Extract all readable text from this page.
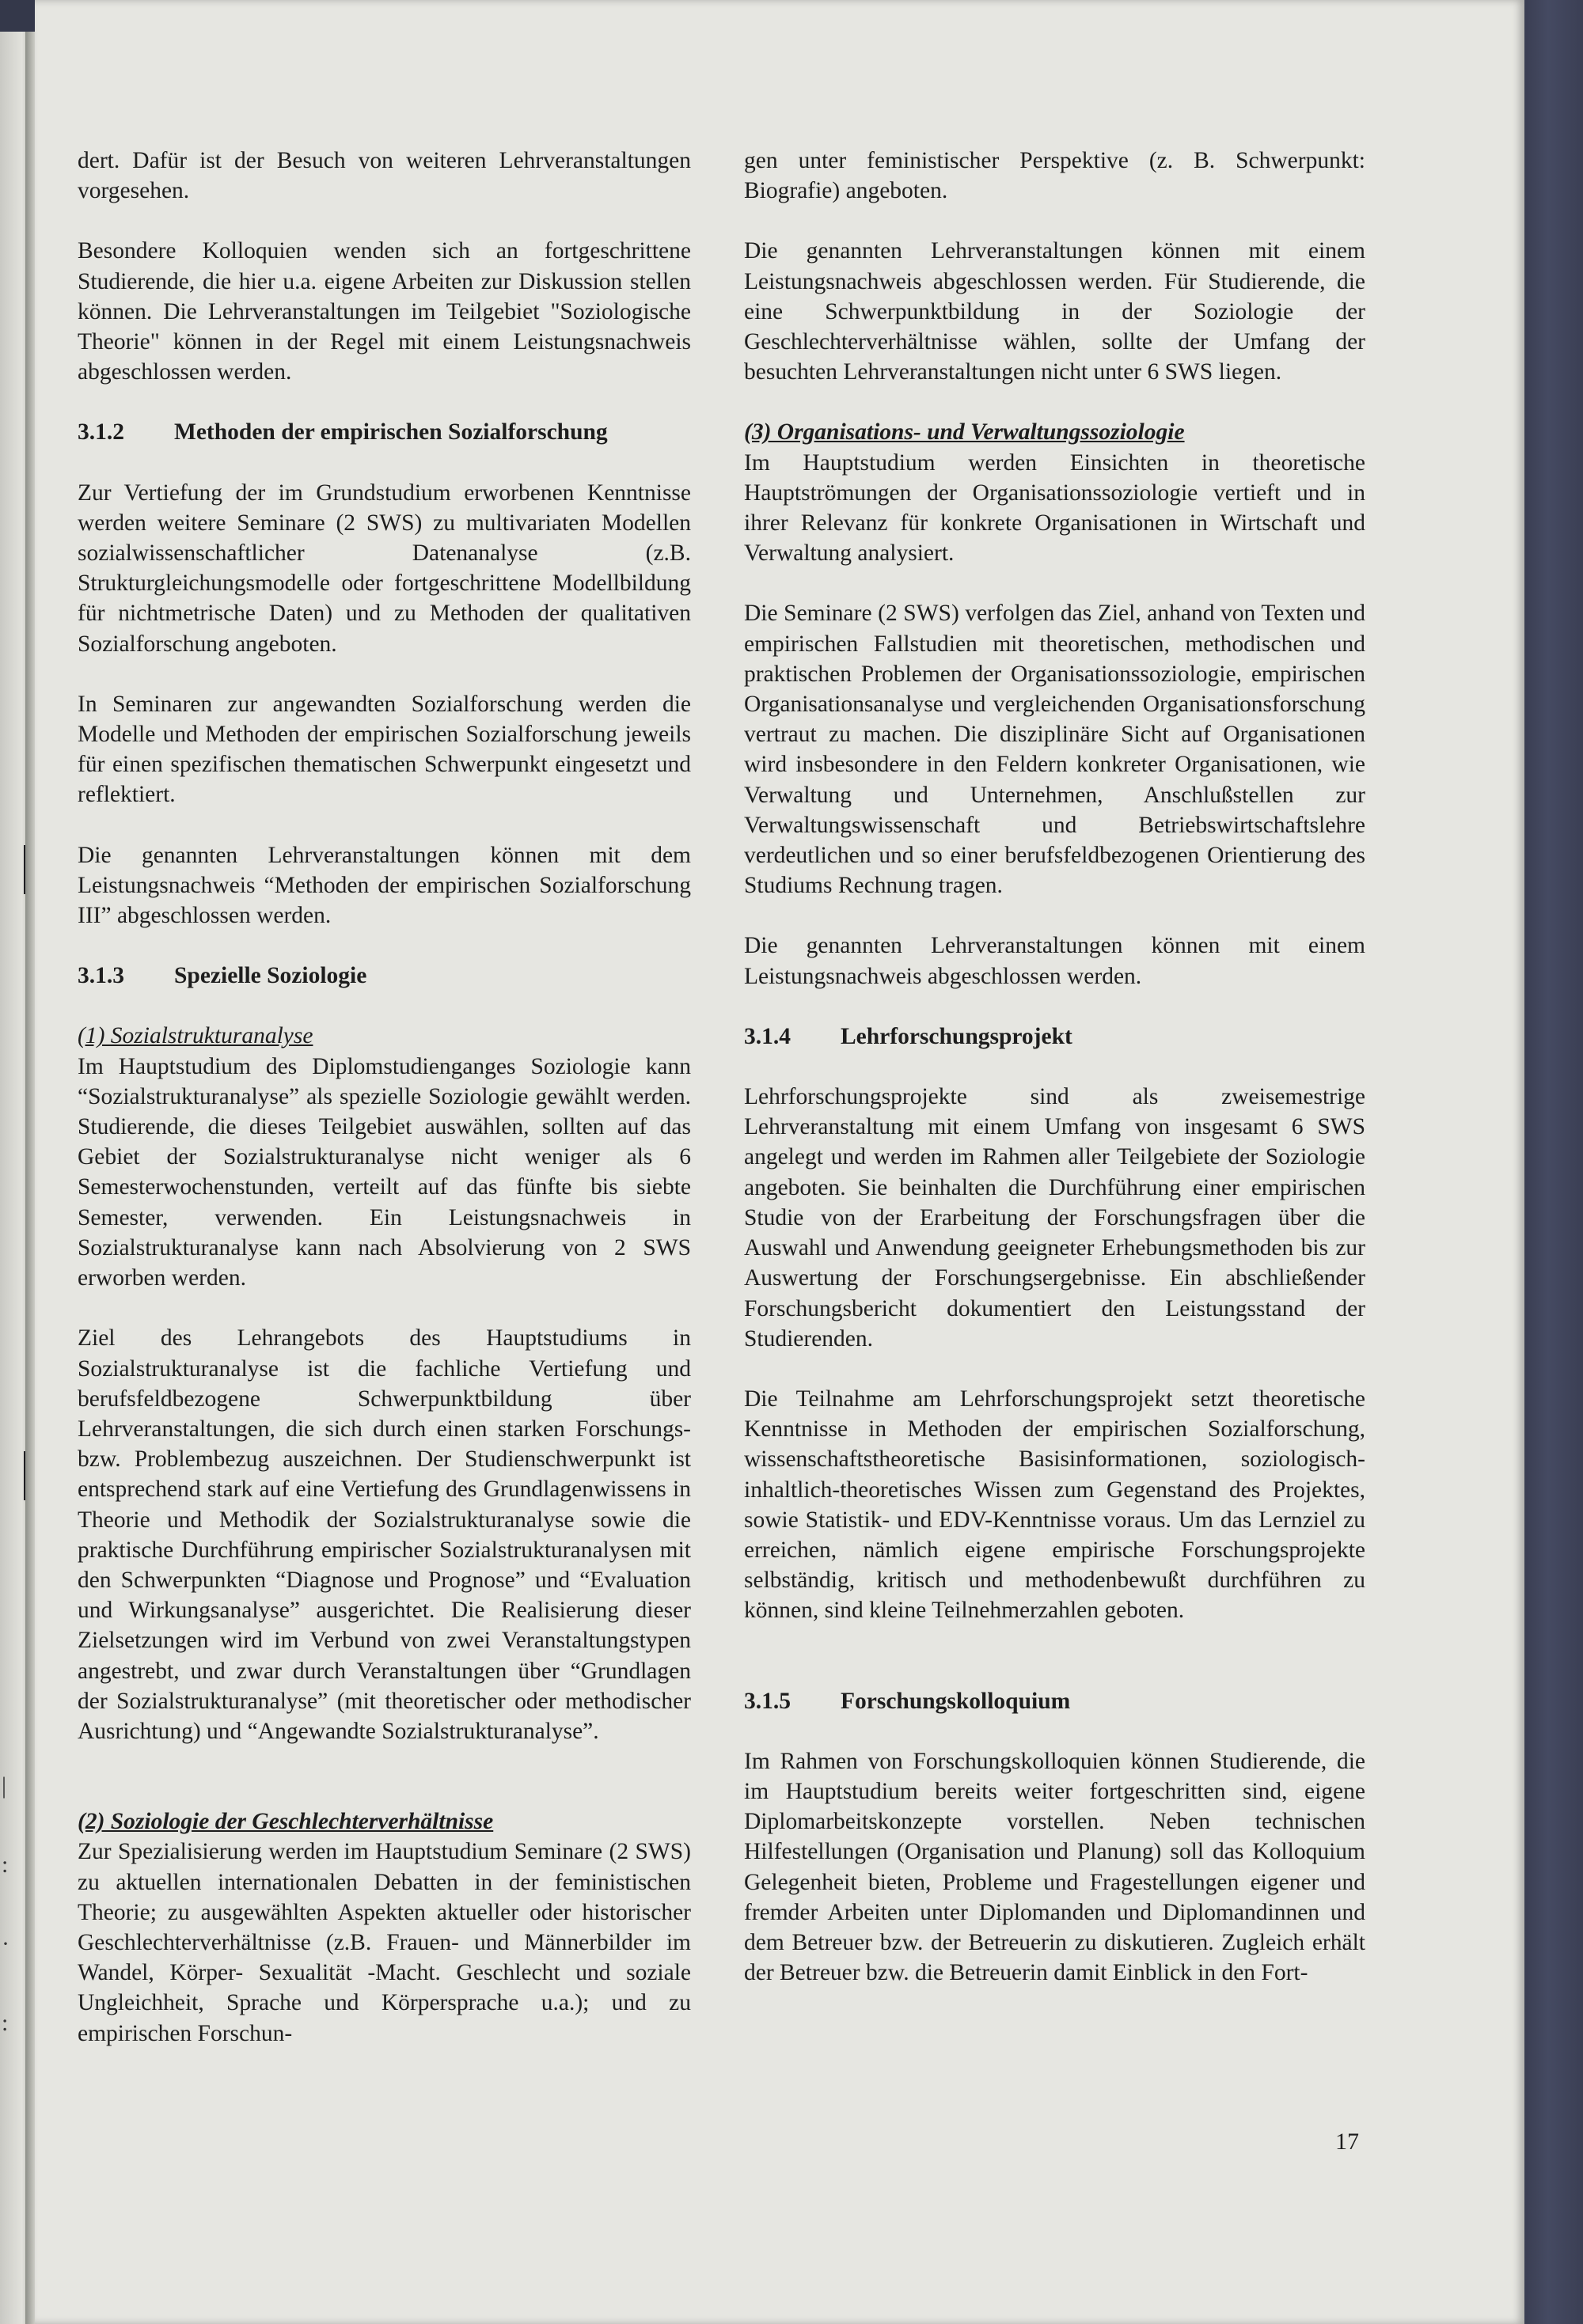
|
:
·
:

dert. Dafür ist der Besuch von weiteren Lehrveranstaltungen vorgesehen.

Besondere Kolloquien wenden sich an fortgeschrittene Studierende, die hier u.a. eigene Arbeiten zur Diskussion stellen können. Die Lehrveranstaltungen im Teilgebiet "Soziologische Theorie" können in der Regel mit einem Leistungsnachweis abgeschlossen werden.

3.1.2 Methoden der empirischen Sozialforschung

Zur Vertiefung der im Grundstudium erworbenen Kenntnisse werden weitere Seminare (2 SWS) zu multivariaten Modellen sozialwissenschaftlicher Datenanalyse (z.B. Strukturgleichungsmodelle oder fortgeschrittene Modellbildung für nichtmetrische Daten) und zu Methoden der qualitativen Sozialforschung angeboten.

In Seminaren zur angewandten Sozialforschung werden die Modelle und Methoden der empirischen Sozialforschung jeweils für einen spezifischen thematischen Schwerpunkt eingesetzt und reflektiert.

Die genannten Lehrveranstaltungen können mit dem Leistungsnachweis “Methoden der empirischen Sozialforschung III” abgeschlossen werden.

3.1.3 Spezielle Soziologie
(1) Sozialstrukturanalyse

Im Hauptstudium des Diplomstudienganges Soziologie kann “Sozialstrukturanalyse” als spezielle Soziologie gewählt werden. Studierende, die dieses Teilgebiet auswählen, sollten auf das Gebiet der Sozialstrukturanalyse nicht weniger als 6 Semesterwochenstunden, verteilt auf das fünfte bis siebte Semester, verwenden. Ein Leistungsnachweis in Sozialstrukturanalyse kann nach Absolvierung von 2 SWS erworben werden.

Ziel des Lehrangebots des Hauptstudiums in Sozialstrukturanalyse ist die fachliche Vertiefung und berufsfeldbezogene Schwerpunktbildung über Lehrveranstaltungen, die sich durch einen starken Forschungs- bzw. Problembezug auszeichnen. Der Studienschwerpunkt ist entsprechend stark auf eine Vertiefung des Grundlagenwissens in Theorie und Methodik der Sozialstrukturanalyse sowie die praktische Durchführung empirischer Sozialstrukturanalysen mit den Schwerpunkten “Diagnose und Prognose” und “Evaluation und Wirkungsanalyse” ausgerichtet. Die Realisierung dieser Zielsetzungen wird im Verbund von zwei Veranstaltungstypen angestrebt, und zwar durch Veranstaltungen über “Grundlagen der Sozialstrukturanalyse” (mit theoretischer oder methodischer Ausrichtung) und “Angewandte Sozialstrukturanalyse”.

(2) Soziologie der Geschlechterverhältnisse

Zur Spezialisierung werden im Hauptstudium Seminare (2 SWS) zu aktuellen internationalen Debatten in der feministischen Theorie; zu ausgewählten Aspekten aktueller oder historischer Geschlechterverhältnisse (z.B. Frauen- und Männerbilder im Wandel, Körper- Sexualität -Macht. Geschlecht und soziale Ungleichheit, Sprache und Körpersprache u.a.); und zu empirischen Forschun-

gen unter feministischer Perspektive (z. B. Schwerpunkt: Biografie) angeboten.

Die genannten Lehrveranstaltungen können mit einem Leistungsnachweis abgeschlossen werden. Für Studierende, die eine Schwerpunktbildung in der Soziologie der Geschlechterverhältnisse wählen, sollte der Umfang der besuchten Lehrveranstaltungen nicht unter 6 SWS liegen.

(3) Organisations- und Verwaltungssoziologie

Im Hauptstudium werden Einsichten in theoretische Hauptströmungen der Organisationssoziologie vertieft und in ihrer Relevanz für konkrete Organisationen in Wirtschaft und Verwaltung analysiert.

Die Seminare (2 SWS) verfolgen das Ziel, anhand von Texten und empirischen Fallstudien mit theoretischen, methodischen und praktischen Problemen der Organisationssoziologie, empirischen Organisationsanalyse und vergleichenden Organisationsforschung vertraut zu machen. Die disziplinäre Sicht auf Organisationen wird insbesondere in den Feldern konkreter Organisationen, wie Verwaltung und Unternehmen, Anschlußstellen zur Verwaltungswissenschaft und Betriebswirtschaftslehre verdeutlichen und so einer berufsfeldbezogenen Orientierung des Studiums Rechnung tragen.

Die genannten Lehrveranstaltungen können mit einem Leistungsnachweis abgeschlossen werden.

3.1.4 Lehrforschungsprojekt

Lehrforschungsprojekte sind als zweisemestrige Lehrveranstaltung mit einem Umfang von insgesamt 6 SWS angelegt und werden im Rahmen aller Teilgebiete der Soziologie angeboten. Sie beinhalten die Durchführung einer empirischen Studie von der Erarbeitung der Forschungsfragen über die Auswahl und Anwendung geeigneter Erhebungsmethoden bis zur Auswertung der Forschungsergebnisse. Ein abschließender Forschungsbericht dokumentiert den Leistungsstand der Studierenden.

Die Teilnahme am Lehrforschungsprojekt setzt theoretische Kenntnisse in Methoden der empirischen Sozialforschung, wissenschaftstheoretische Basisinformationen, soziologisch-inhaltlich-theoretisches Wissen zum Gegenstand des Projektes, sowie Statistik- und EDV-Kenntnisse voraus. Um das Lernziel zu erreichen, nämlich eigene empirische Forschungsprojekte selbständig, kritisch und methodenbewußt durchführen zu können, sind kleine Teilnehmerzahlen geboten.

3.1.5 Forschungskolloquium

Im Rahmen von Forschungskolloquien können Studierende, die im Hauptstudium bereits weiter fortgeschritten sind, eigene Diplomarbeitskonzepte vorstellen. Neben technischen Hilfestellungen (Organisation und Planung) soll das Kolloquium Gelegenheit bieten, Probleme und Fragestellungen eigener und fremder Arbeiten unter Diplomanden und Diplomandinnen und dem Betreuer bzw. der Betreuerin zu diskutieren. Zugleich erhält der Betreuer bzw. die Betreuerin damit Einblick in den Fort-

17
